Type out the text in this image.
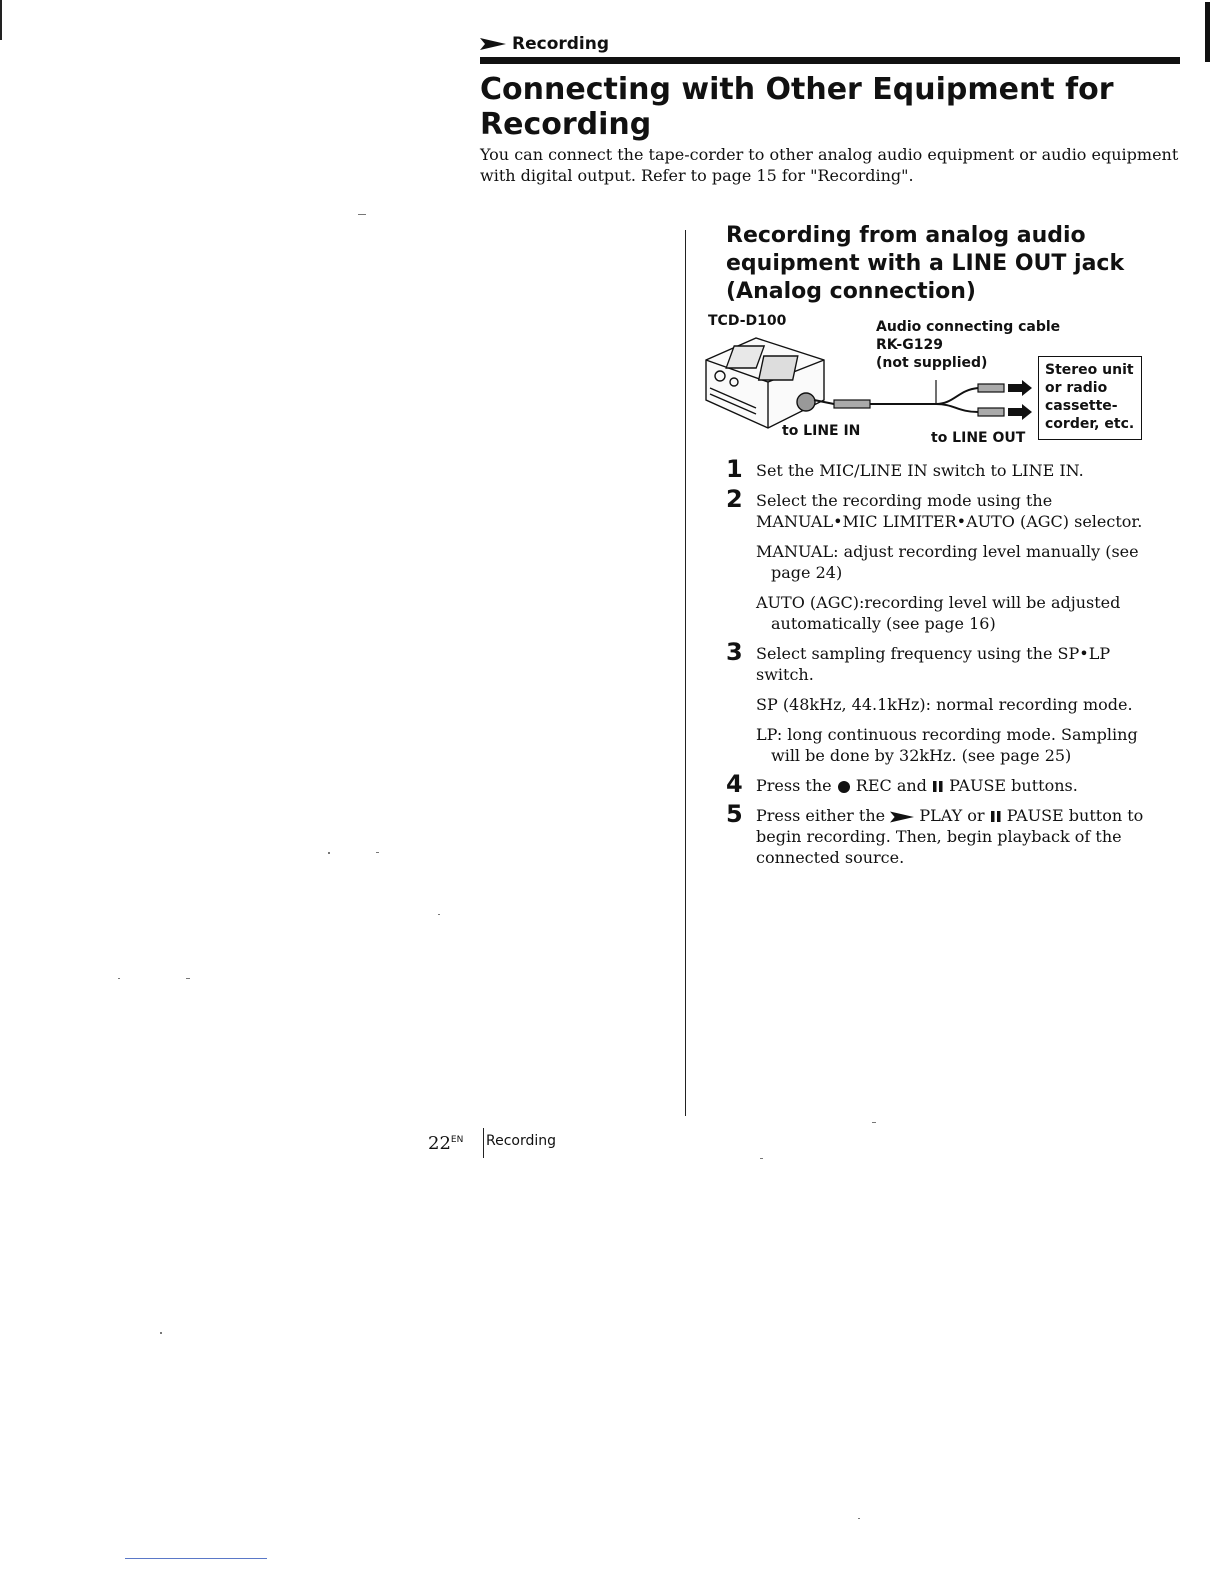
Recording
Connecting with Other Equipment for Recording

You can connect the tape-corder to other analog audio equipment or audio equipment with digital output. Refer to page 15 for "Recording".

Recording from analog audio equipment with a LINE OUT jack (Analog connection)
TCD-D100	Audio connecting cable
RK-G129
(not supplied)	Stereo unit
or radio
cassette-
corder, etc.
to LINE IN	to LINE OUT
1 Set the MIC/LINE IN switch to LINE IN.
2 Select the recording mode using the MANUAL•MIC LIMITER•AUTO (AGC) selector.

MANUAL: adjust recording level manually (see page 24)

AUTO (AGC):recording level will be adjusted automatically (see page 16)

3 Select sampling frequency using the SP•LP switch.

SP (48kHz, 44.1kHz): normal recording mode.

LP: long continuous recording mode. Sampling will be done by 32kHz. (see page 25)

4 Press the REC and PAUSE buttons.
5 Press either the PLAY or PAUSE button to begin recording. Then, begin playback of the connected source.
$22^{EN}$ Recording
